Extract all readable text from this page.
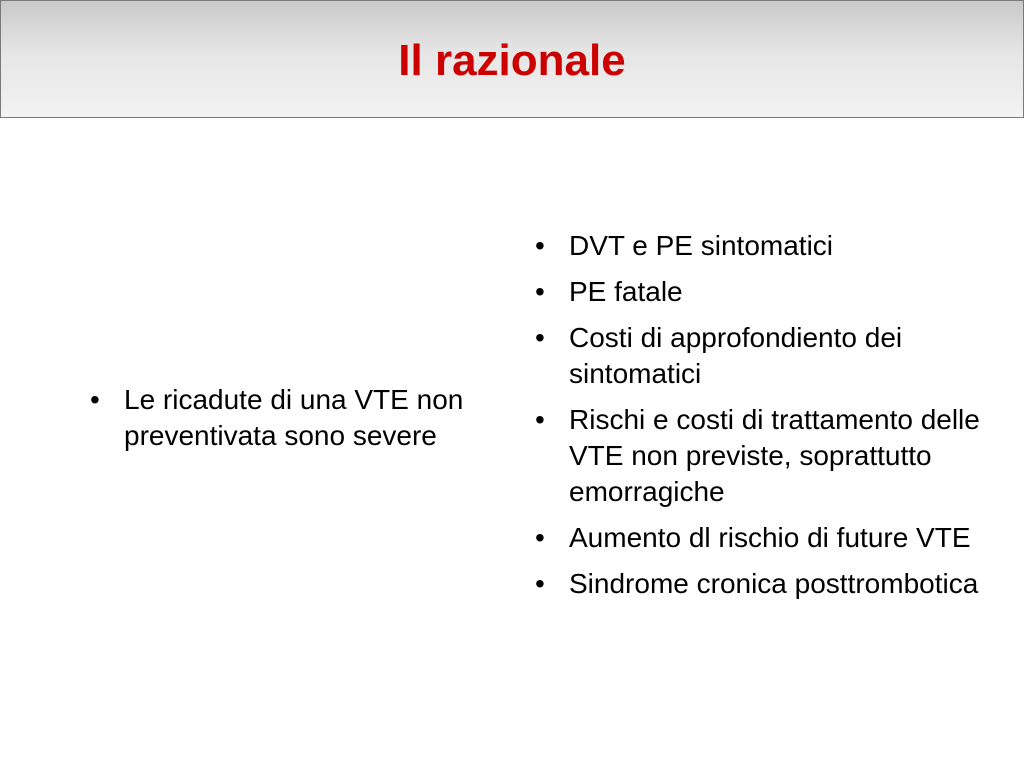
Il razionale
• Le ricadute di una VTE non preventivata sono severe
• DVT e PE sintomatici
• PE fatale
• Costi di approfondiento dei sintomatici
• Rischi e costi di trattamento delle VTE non previste, soprattutto emorragiche
• Aumento dl rischio di future VTE
• Sindrome cronica posttrombotica
